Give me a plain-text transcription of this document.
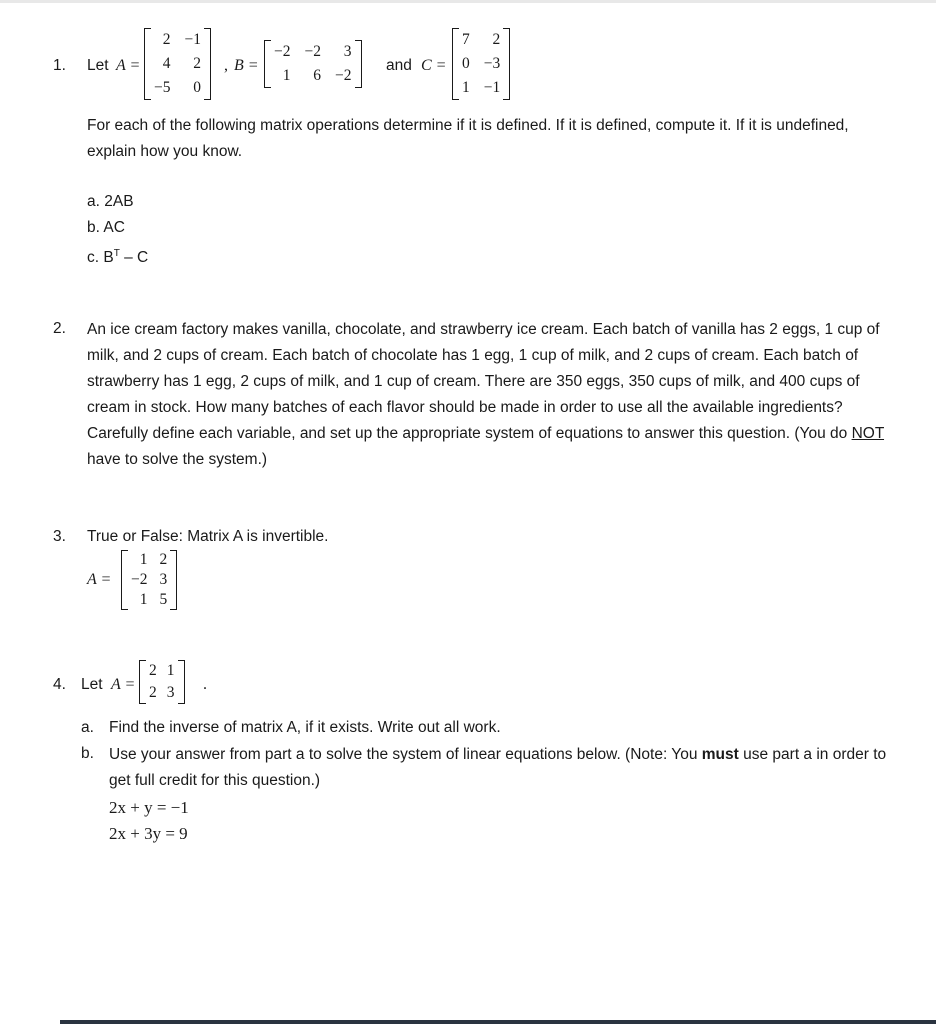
1. Let A =
2 −1
4	2
−5	0
, B =
−2 −2	3
1	6 −2
and C =
7	2
0 −3
1 −1
For each of the following matrix operations determine if it is defined. If it is defined, compute it. If it is undefined, explain how you know.
a. 2AB
b. AC
c. $B^T$ – C
2. An ice cream factory makes vanilla, chocolate, and strawberry ice cream. Each batch of vanilla has 2 eggs, 1 cup of milk, and 2 cups of cream. Each batch of chocolate has 1 egg, 1 cup of milk, and 2 cups of cream. Each batch of strawberry has 1 egg, 2 cups of milk, and 1 cup of cream. There are 350 eggs, 350 cups of milk, and 400 cups of cream in stock. How many batches of each flavor should be made in order to use all the available ingredients? Carefully define each variable, and set up the appropriate system of equations to answer this question. (You do NOT have to solve the system.)
3. True or False: Matrix A is invertible.
A =
1 2
−2 3
1 5
4. Let A =
2 1
2 3 .
a. Find the inverse of matrix A, if it exists. Write out all work.
b. Use your answer from part a to solve the system of linear equations below. (Note: You must use part a in order to get full credit for this question.)
2x + y = −1
2x + 3y = 9
